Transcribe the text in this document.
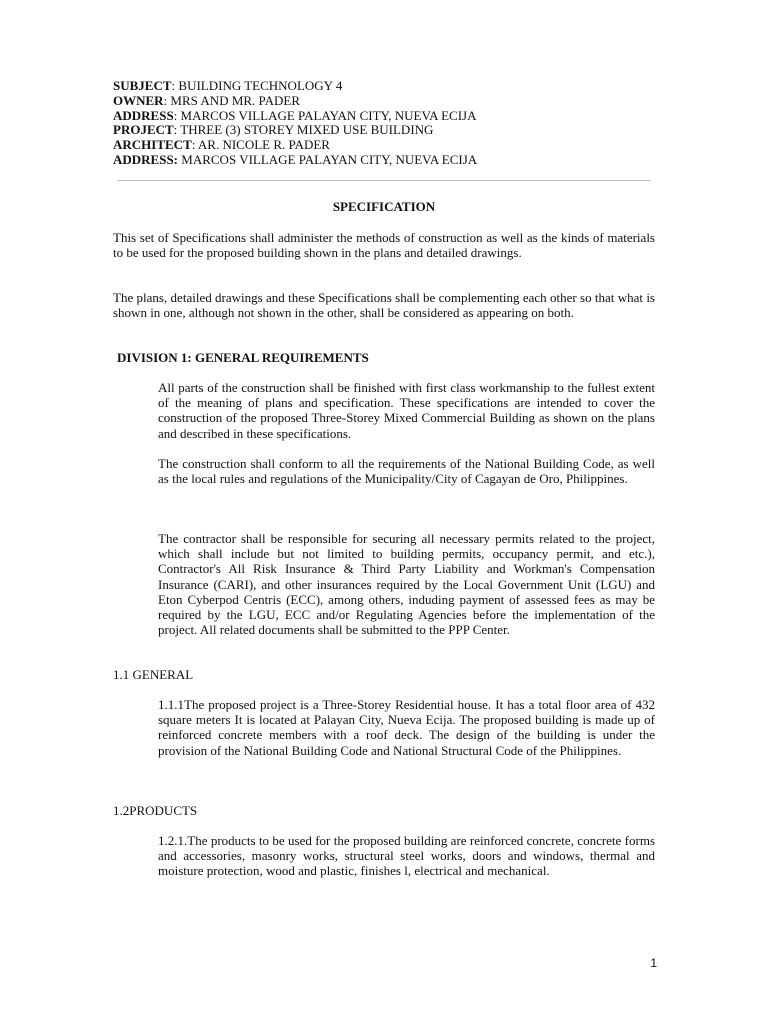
SUBJECT: BUILDING TECHNOLOGY 4
OWNER: MRS AND MR. PADER
ADDRESS: MARCOS VILLAGE PALAYAN CITY, NUEVA ECIJA
PROJECT: THREE (3) STOREY MIXED USE BUILDING
ARCHITECT: AR. NICOLE R. PADER
ADDRESS: MARCOS VILLAGE PALAYAN CITY, NUEVA ECIJA
SPECIFICATION

This set of Specifications shall administer the methods of construction as well as the kinds of materials to be used for the proposed building shown in the plans and detailed drawings.

The plans, detailed drawings and these Specifications shall be complementing each other so that what is shown in one, although not shown in the other, shall be considered as appearing on both.

DIVISION 1: GENERAL REQUIREMENTS

All parts of the construction shall be finished with first class workmanship to the fullest extent of the meaning of plans and specification. These specifications are intended to cover the construction of the proposed Three-Storey Mixed Commercial Building as shown on the plans and described in these specifications.

The construction shall conform to all the requirements of the National Building Code, as well as the local rules and regulations of the Municipality/City of Cagayan de Oro, Philippines.

The contractor shall be responsible for securing all necessary permits related to the project, which shall include but not limited to building permits, occupancy permit, and etc.), Contractor's All Risk Insurance & Third Party Liability and Workman's Compensation Insurance (CARI), and other insurances required by the Local Government Unit (LGU) and Eton Cyberpod Centris (ECC), among others, induding payment of assessed fees as may be required by the LGU, ECC and/or Regulating Agencies before the implementation of the project. All related documents shall be submitted to the PPP Center.

1.1 GENERAL

1.1.1The proposed project is a Three-Storey Residential house. It has a total floor area of 432 square meters It is located at Palayan City, Nueva Ecija. The proposed building is made up of reinforced concrete members with a roof deck. The design of the building is under the provision of the National Building Code and National Structural Code of the Philippines.

1.2PRODUCTS

1.2.1.The products to be used for the proposed building are reinforced concrete, concrete forms and accessories, masonry works, structural steel works, doors and windows, thermal and moisture protection, wood and plastic, finishes l, electrical and mechanical.

1
